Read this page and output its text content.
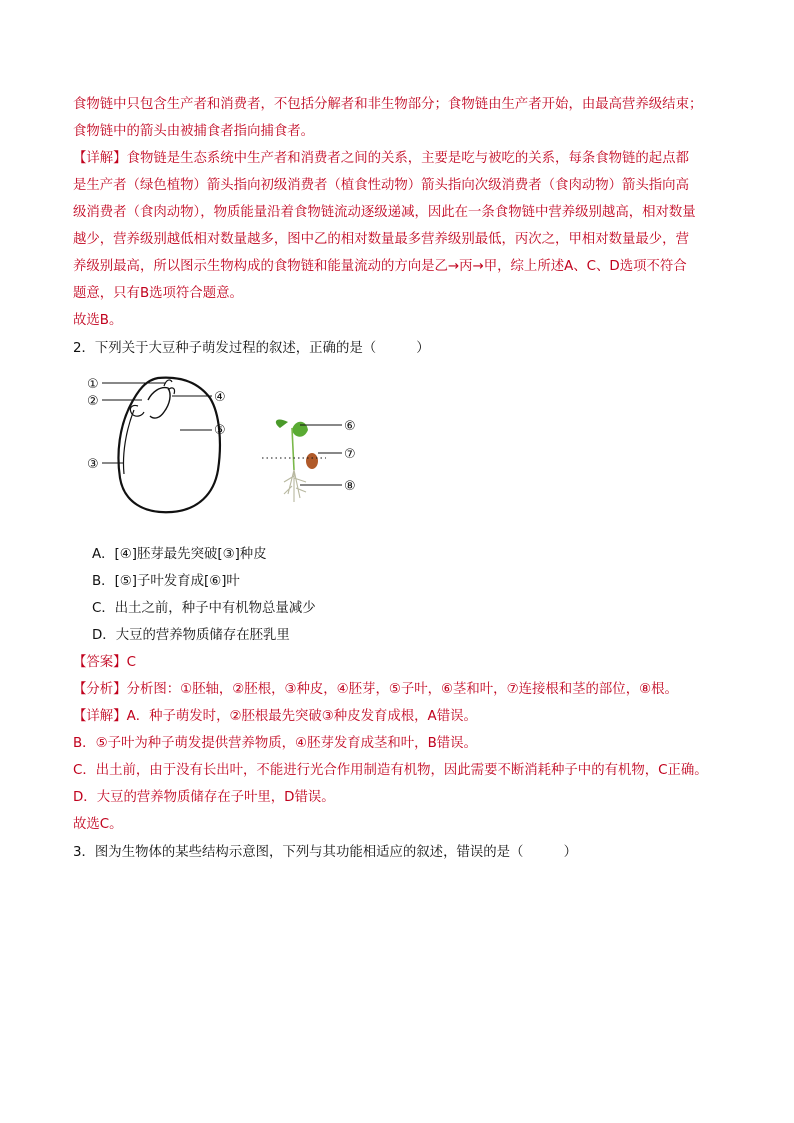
食物链中只包含生产者和消费者，不包括分解者和非生物部分；食物链由生产者开始，由最高营养级结束；
食物链中的箭头由被捕食者指向捕食者。
【详解】食物链是生态系统中生产者和消费者之间的关系，主要是吃与被吃的关系，每条食物链的起点都
是生产者（绿色植物）箭头指向初级消费者（植食性动物）箭头指向次级消费者（食肉动物）箭头指向高
级消费者（食肉动物），物质能量沿着食物链流动逐级递减，因此在一条食物链中营养级别越高，相对数量
越少，营养级别越低相对数量越多，图中乙的相对数量最多营养级别最低，丙次之，甲相对数量最少，营
养级别最高，所以图示生物构成的食物链和能量流动的方向是乙→丙→甲，综上所述A、C、D选项不符合
题意，只有B选项符合题意。
故选B。
2．下列关于大豆种子萌发过程的叙述，正确的是（　　　）
①
②
③
④
⑤	⑥
⑦
⑧
A．[④]胚芽最先突破[③]种皮
B．[⑤]子叶发育成[⑥]叶
C．出土之前，种子中有机物总量减少
D．大豆的营养物质储存在胚乳里
【答案】C
【分析】分析图：①胚轴，②胚根，③种皮，④胚芽，⑤子叶，⑥茎和叶，⑦连接根和茎的部位，⑧根。
【详解】A．种子萌发时，②胚根最先突破③种皮发育成根，A错误。
B．⑤子叶为种子萌发提供营养物质，④胚芽发育成茎和叶，B错误。
C．出土前，由于没有长出叶，不能进行光合作用制造有机物，因此需要不断消耗种子中的有机物，C正确。
D．大豆的营养物质储存在子叶里，D错误。
故选C。
3．图为生物体的某些结构示意图，下列与其功能相适应的叙述，错误的是（　　　）
